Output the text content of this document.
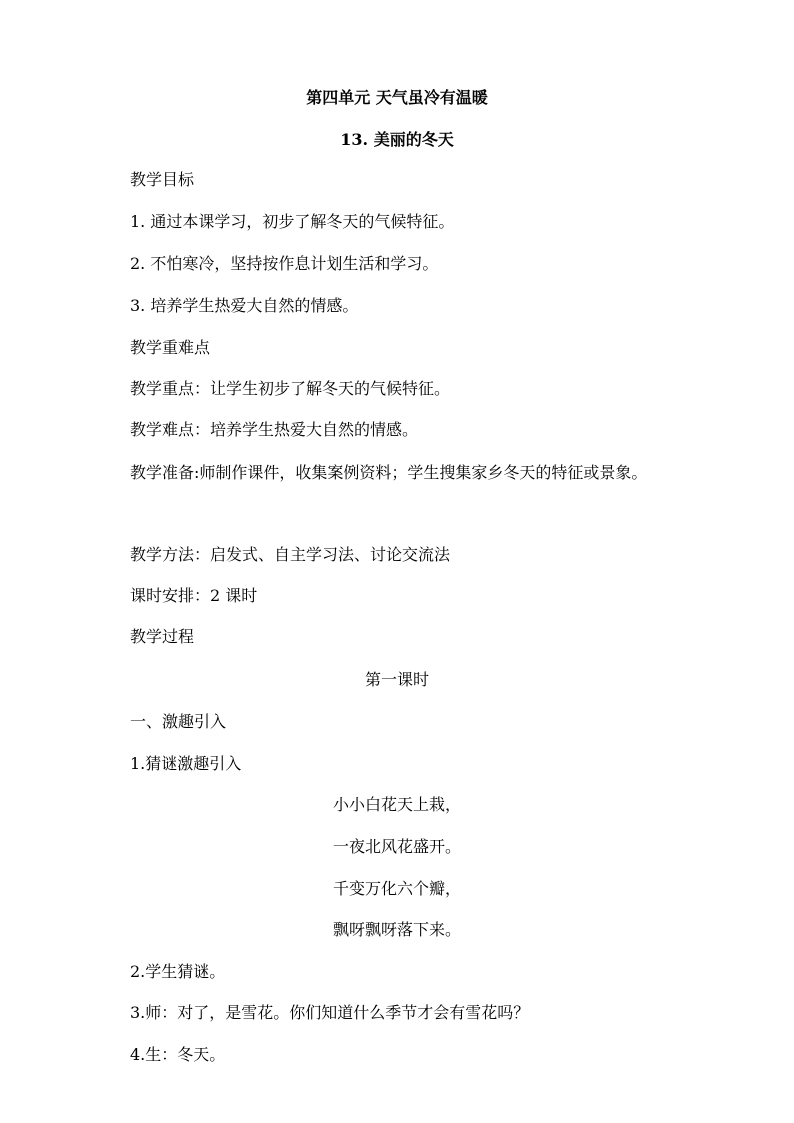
第四单元 天气虽冷有温暖
13. 美丽的冬天
教学目标
1. 通过本课学习，初步了解冬天的气候特征。
2. 不怕寒冷，坚持按作息计划生活和学习。
3. 培养学生热爱大自然的情感。
教学重难点
教学重点：让学生初步了解冬天的气候特征。
教学难点：培养学生热爱大自然的情感。
教学准备:师制作课件，收集案例资料；学生搜集家乡冬天的特征或景象。
教学方法：启发式、自主学习法、讨论交流法
课时安排：2 课时
教学过程
第一课时
一、激趣引入
1.猜谜激趣引入
小小白花天上栽，
一夜北风花盛开。
千变万化六个瓣，
飘呀飘呀落下来。
2.学生猜谜。
3.师：对了，是雪花。你们知道什么季节才会有雪花吗？
4.生：冬天。
